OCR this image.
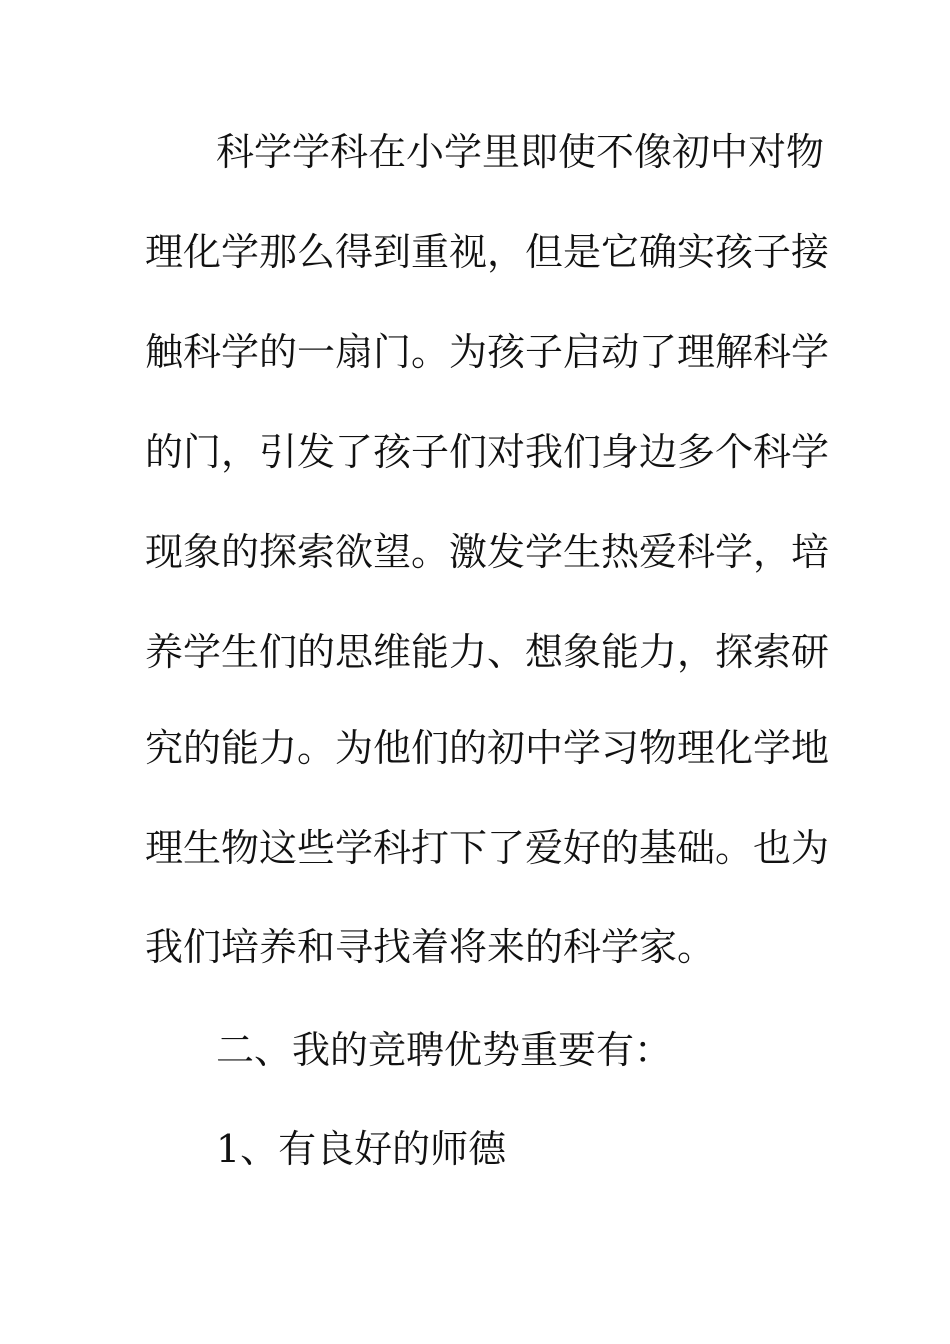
科学学科在小学里即使不像初中对物
理化学那么得到重视，但是它确实孩子接
触科学的一扇门。为孩子启动了理解科学
的门，引发了孩子们对我们身边多个科学
现象的探索欲望。激发学生热爱科学，培
养学生们的思维能力、想象能力，探索研
究的能力。为他们的初中学习物理化学地
理生物这些学科打下了爱好的基础。也为
我们培养和寻找着将来的科学家。
二、我的竞聘优势重要有：
1、有良好的师德
